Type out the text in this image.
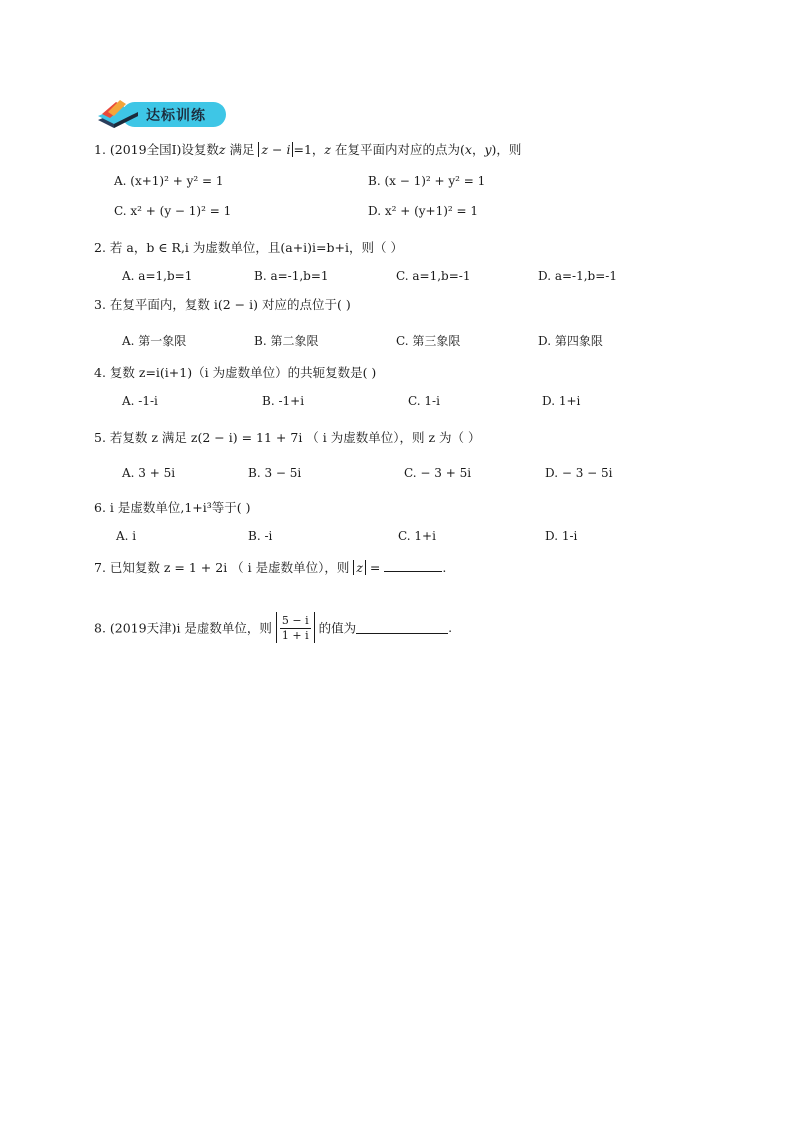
达标训练
1. (2019全国Ⅰ)设复数z 满足 z − i =1，z 在复平面内对应的点为(x，y)，则
A. (x+1)² + y² = 1	B. (x − 1)² + y² = 1
C. x² + (y − 1)² = 1	D. x² + (y+1)² = 1
2. 若 a，b ∈ R,i 为虚数单位，且(a+i)i=b+i，则（ ）
A. a=1,b=1	B. a=-1,b=1	C. a=1,b=-1	D. a=-1,b=-1
3. 在复平面内，复数 i(2 − i) 对应的点位于( )
A. 第一象限	B. 第二象限	C. 第三象限	D. 第四象限
4. 复数 z=i(i+1)（i 为虚数单位）的共轭复数是( )
A. -1-i	B. -1+i	C. 1-i	D. 1+i
5. 若复数 z 满足 z(2 − i) = 11 + 7i （ i 为虚数单位），则 z 为（ ）
A. 3 + 5i	B. 3 − 5i	C. − 3 + 5i	D. − 3 − 5i
6. i 是虚数单位,1+i³等于( )
A. i	B. -i	C. 1+i	D. 1-i
7. 已知复数 z = 1 + 2i （ i 是虚数单位），则 z =	.
8. (2019天津)i 是虚数单位，则 $\frac{5 - i}{1 + i}$ 的值为	.
